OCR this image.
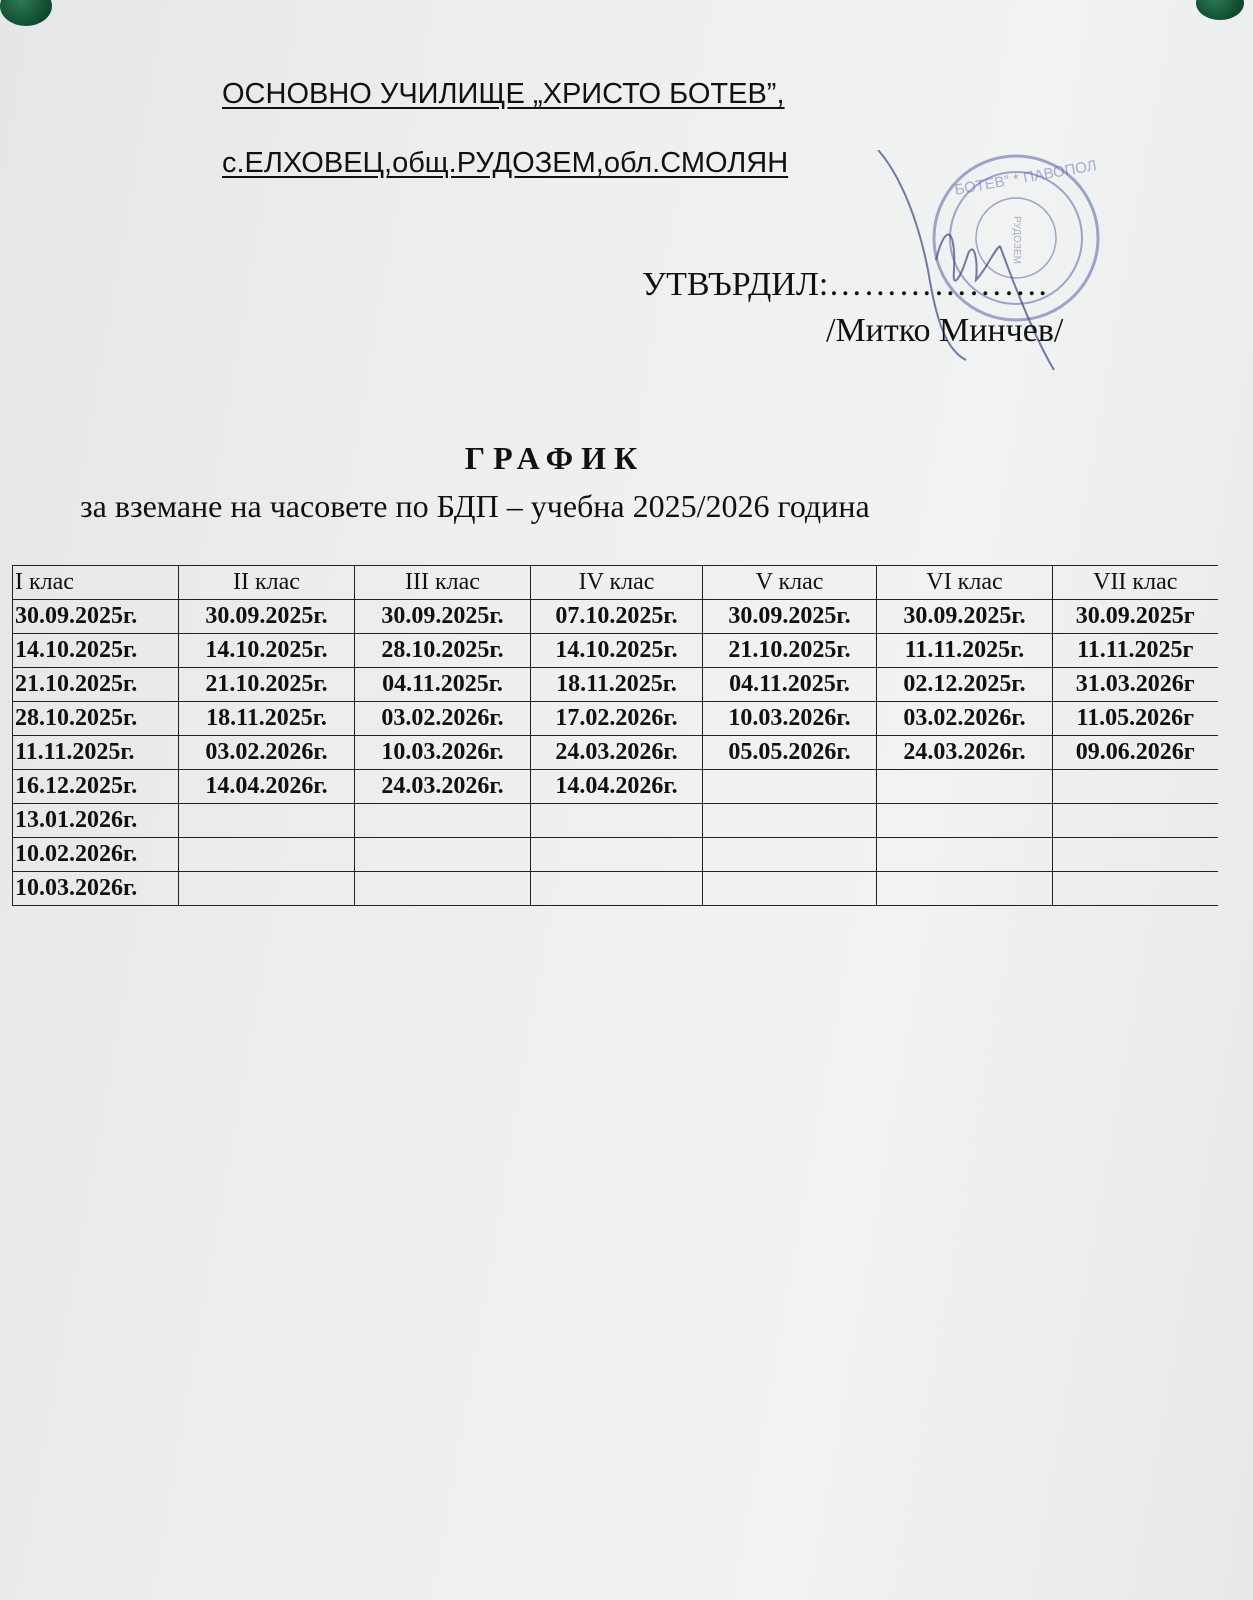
ОСНОВНО УЧИЛИЩЕ „ХРИСТО БОТЕВ”,
с.ЕЛХОВЕЦ,общ.РУДОЗЕМ,обл.СМОЛЯН	БОТЕВ” * ПАВОПОЛ
РУДОЗЕМ
УТВЪРДИЛ:……………….
/Митко Минчев/
ГРАФИК
за вземане на часовете по БДП – учебна 2025/2026 година
I клас	II клас	III клас	IV клас	V клас	VI клас	VII клас
30.09.2025г.	30.09.2025г.	30.09.2025г.	07.10.2025г.	30.09.2025г.	30.09.2025г.	30.09.2025г
14.10.2025г.	14.10.2025г.	28.10.2025г.	14.10.2025г.	21.10.2025г.	11.11.2025г.	11.11.2025г
21.10.2025г.	21.10.2025г.	04.11.2025г.	18.11.2025г.	04.11.2025г.	02.12.2025г.	31.03.2026г
28.10.2025г.	18.11.2025г.	03.02.2026г.	17.02.2026г.	10.03.2026г.	03.02.2026г.	11.05.2026г
11.11.2025г.	03.02.2026г.	10.03.2026г.	24.03.2026г.	05.05.2026г.	24.03.2026г.	09.06.2026г
16.12.2025г.	14.04.2026г.	24.03.2026г.	14.04.2026г.			
13.01.2026г.						
10.02.2026г.						
10.03.2026г.						
